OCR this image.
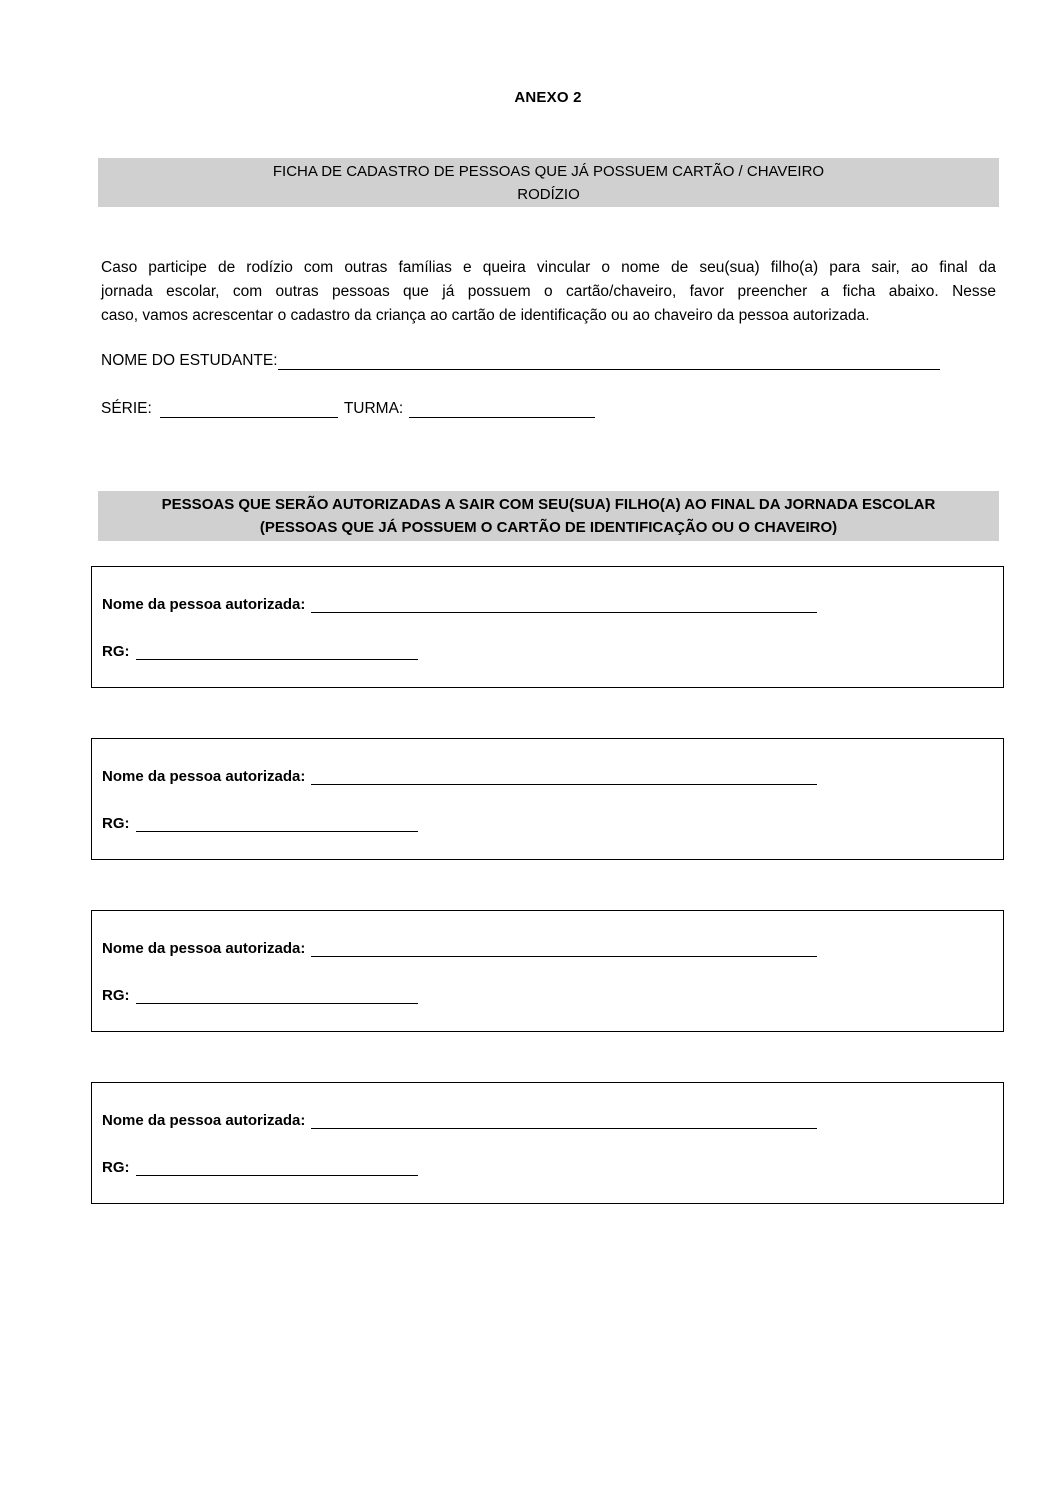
ANEXO 2
FICHA DE CADASTRO DE PESSOAS QUE JÁ POSSUEM CARTÃO / CHAVEIRO
RODÍZIO
Caso participe de rodízio com outras famílias e queira vincular o nome de seu(sua) filho(a) para sair, ao final da
jornada escolar, com outras pessoas que já possuem o cartão/chaveiro, favor preencher a ficha abaixo. Nesse
caso, vamos acrescentar o cadastro da criança ao cartão de identificação ou ao chaveiro da pessoa autorizada.
NOME DO ESTUDANTE:
SÉRIE:	TURMA:
PESSOAS QUE SERÃO AUTORIZADAS A SAIR COM SEU(SUA) FILHO(A) AO FINAL DA JORNADA ESCOLAR
(PESSOAS QUE JÁ POSSUEM O CARTÃO DE IDENTIFICAÇÃO OU O CHAVEIRO)
Nome da pessoa autorizada:
RG:
Nome da pessoa autorizada:
RG:
Nome da pessoa autorizada:
RG:
Nome da pessoa autorizada:
RG:
